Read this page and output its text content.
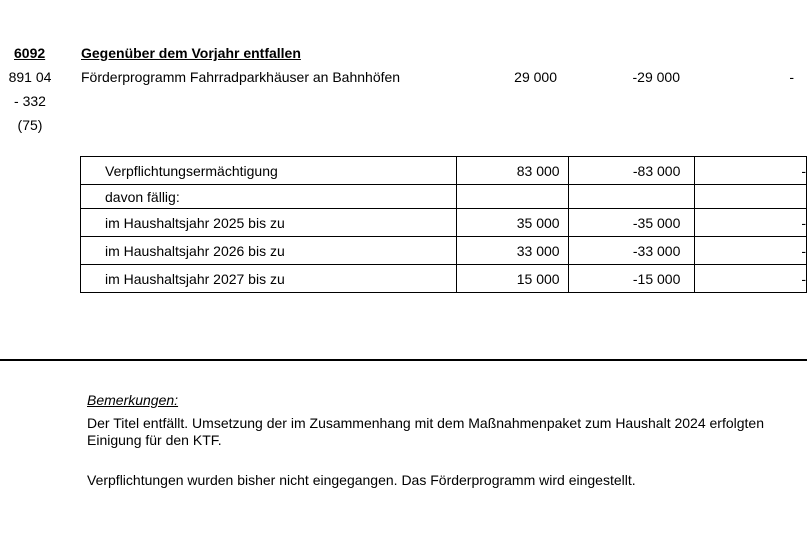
6092
891 04
- 332
(75)
Gegenüber dem Vorjahr entfallen
Förderprogramm Fahrradparkhäuser an Bahnhöfen	29 000	-29 000	-
Verpflichtungsermächtigung	83 000	-83 000	-
davon fällig:			
im Haushaltsjahr 2025 bis zu	35 000	-35 000	-
im Haushaltsjahr 2026 bis zu	33 000	-33 000	-
im Haushaltsjahr 2027 bis zu	15 000	-15 000	-
Bemerkungen:
Der Titel entfällt. Umsetzung der im Zusammenhang mit dem Maßnahmenpaket zum Haushalt 2024 erfolgten Einigung für den KTF.
Verpflichtungen wurden bisher nicht eingegangen. Das Förderprogramm wird eingestellt.
